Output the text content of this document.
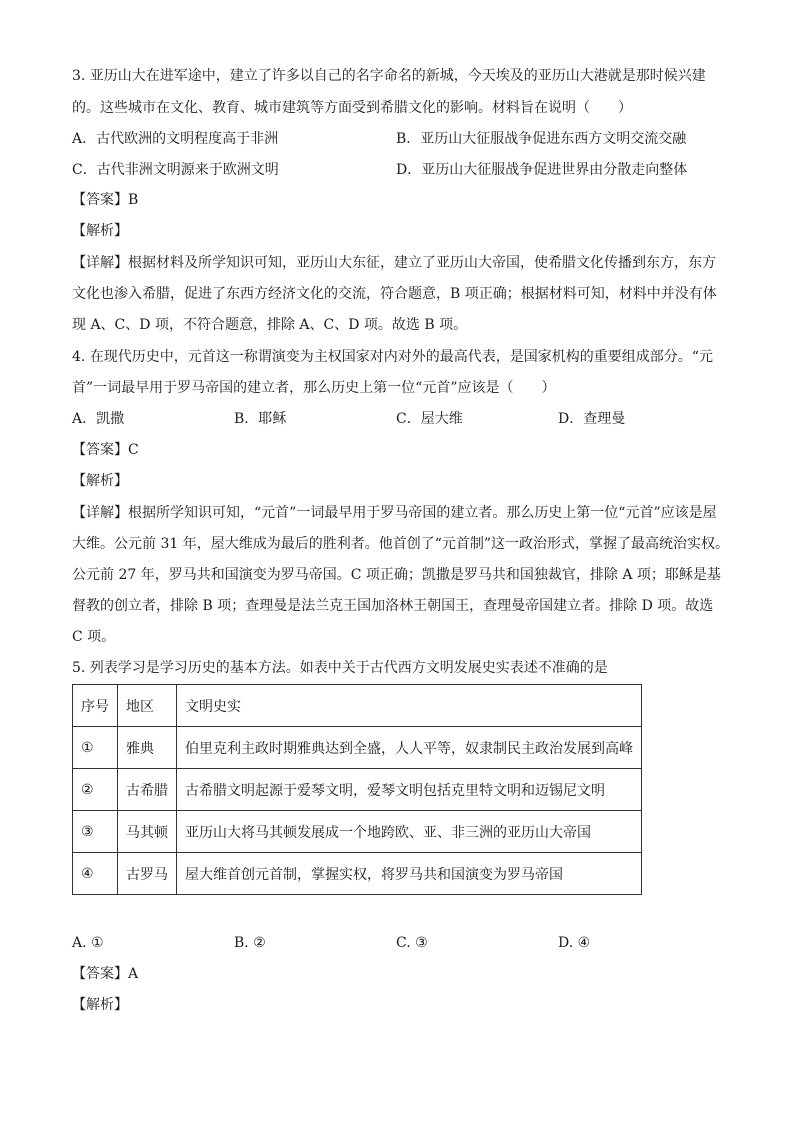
3. 亚历山大在进军途中，建立了许多以自己的名字命名的新城，今天埃及的亚历山大港就是那时候兴建
的。这些城市在文化、教育、城市建筑等方面受到希腊文化的影响。材料旨在说明（　　）
A．古代欧洲的文明程度高于非洲	B．亚历山大征服战争促进东西方文明交流交融
C．古代非洲文明源来于欧洲文明	D．亚历山大征服战争促进世界由分散走向整体
【答案】B
【解析】
【详解】根据材料及所学知识可知，亚历山大东征，建立了亚历山大帝国，使希腊文化传播到东方，东方
文化也渗入希腊，促进了东西方经济文化的交流，符合题意，B 项正确；根据材料可知，材料中并没有体
现 A、C、D 项，不符合题意，排除 A、C、D 项。故选 B 项。
4. 在现代历史中，元首这一称谓演变为主权国家对内对外的最高代表，是国家机构的重要组成部分。“元
首”一词最早用于罗马帝国的建立者，那么历史上第一位“元首”应该是（　　）
A．凯撒	B．耶稣	C．屋大维	D．查理曼
【答案】C
【解析】
【详解】根据所学知识可知，“元首”一词最早用于罗马帝国的建立者。那么历史上第一位“元首”应该是屋
大维。公元前 31 年，屋大维成为最后的胜利者。他首创了“元首制”这一政治形式，掌握了最高统治实权。
公元前 27 年，罗马共和国演变为罗马帝国。C 项正确；凯撒是罗马共和国独裁官，排除 A 项；耶稣是基
督教的创立者，排除 B 项；查理曼是法兰克王国加洛林王朝国王，查理曼帝国建立者。排除 D 项。故选
C 项。
5. 列表学习是学习历史的基本方法。如表中关于古代西方文明发展史实表述不准确的是
序号	地区	文明史实
①	雅典	伯里克利主政时期雅典达到全盛，人人平等，奴隶制民主政治发展到高峰
②	古希腊	古希腊文明起源于爱琴文明，爱琴文明包括克里特文明和迈锡尼文明
③	马其顿	亚历山大将马其顿发展成一个地跨欧、亚、非三洲的亚历山大帝国
④	古罗马	屋大维首创元首制，掌握实权，将罗马共和国演变为罗马帝国
A. ①	B. ②	C. ③	D. ④
【答案】A
【解析】
